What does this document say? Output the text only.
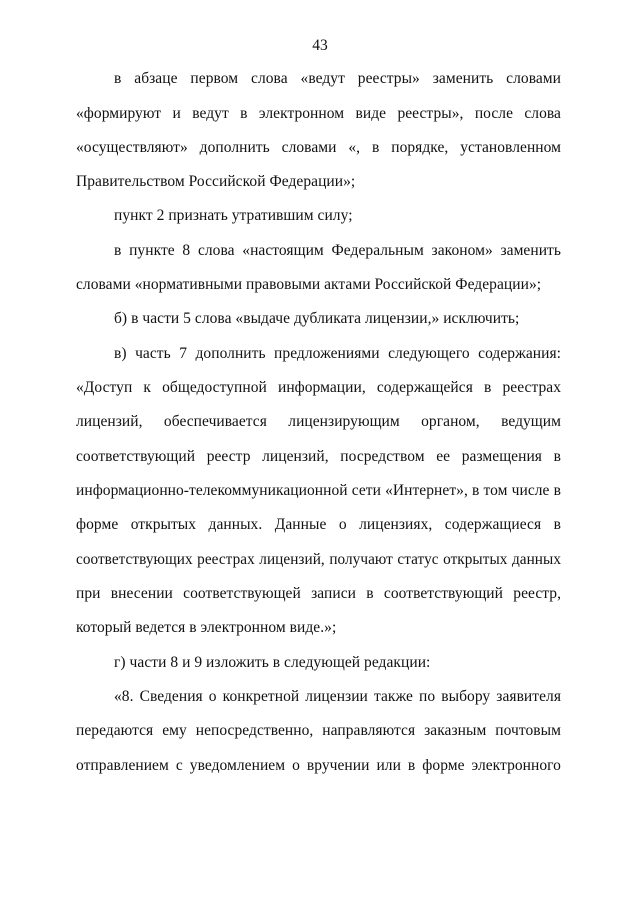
43
в абзаце первом слова «ведут реестры» заменить словами
«формируют и ведут в электронном виде реестры», после слова
«осуществляют» дополнить словами «, в порядке, установленном
Правительством Российской Федерации»;
пункт 2 признать утратившим силу;
в пункте 8 слова «настоящим Федеральным законом» заменить
словами «нормативными правовыми актами Российской Федерации»;
б) в части 5 слова «выдаче дубликата лицензии,» исключить;
в) часть 7 дополнить предложениями следующего содержания:
«Доступ к общедоступной информации, содержащейся в реестрах
лицензий, обеспечивается лицензирующим органом, ведущим
соответствующий реестр лицензий, посредством ее размещения в
информационно-телекоммуникационной сети «Интернет», в том числе в
форме открытых данных. Данные о лицензиях, содержащиеся в
соответствующих реестрах лицензий, получают статус открытых данных
при внесении соответствующей записи в соответствующий реестр,
который ведется в электронном виде.»;
г) части 8 и 9 изложить в следующей редакции:
«8. Сведения о конкретной лицензии также по выбору заявителя
передаются ему непосредственно, направляются заказным почтовым
отправлением с уведомлением о вручении или в форме электронного
